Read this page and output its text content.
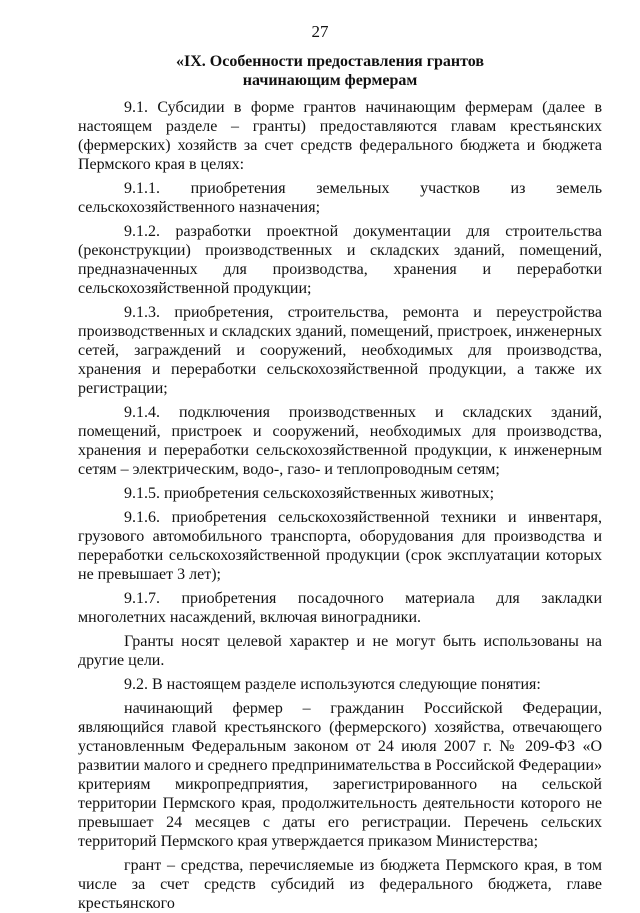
27
«IX. Особенности предоставления грантов
начинающим фермерам

9.1. Субсидии в форме грантов начинающим фермерам (далее в настоящем разделе – гранты) предоставляются главам крестьянских (фермерских) хозяйств за счет средств федерального бюджета и бюджета Пермского края в целях:

9.1.1. приобретения земельных участков из земель сельскохозяйственного назначения;

9.1.2. разработки проектной документации для строительства (реконструкции) производственных и складских зданий, помещений, предназначенных для производства, хранения и переработки сельскохозяйственной продукции;

9.1.3. приобретения, строительства, ремонта и переустройства производственных и складских зданий, помещений, пристроек, инженерных сетей, заграждений и сооружений, необходимых для производства, хранения и переработки сельскохозяйственной продукции, а также их регистрации;

9.1.4. подключения производственных и складских зданий, помещений, пристроек и сооружений, необходимых для производства, хранения и переработки сельскохозяйственной продукции, к инженерным сетям – электрическим, водо-, газо- и теплопроводным сетям;

9.1.5. приобретения сельскохозяйственных животных;

9.1.6. приобретения сельскохозяйственной техники и инвентаря, грузового автомобильного транспорта, оборудования для производства и переработки сельскохозяйственной продукции (срок эксплуатации которых не превышает 3 лет);

9.1.7. приобретения посадочного материала для закладки многолетних насаждений, включая виноградники.

Гранты носят целевой характер и не могут быть использованы на другие цели.

9.2. В настоящем разделе используются следующие понятия:

начинающий фермер – гражданин Российской Федерации, являющийся главой крестьянского (фермерского) хозяйства, отвечающего установленным Федеральным законом от 24 июля 2007 г. № 209-ФЗ «О развитии малого и среднего предпринимательства в Российской Федерации» критериям микропредприятия, зарегистрированного на сельской территории Пермского края, продолжительность деятельности которого не превышает 24 месяцев с даты его регистрации. Перечень сельских территорий Пермского края утверждается приказом Министерства;

грант – средства, перечисляемые из бюджета Пермского края, в том числе за счет средств субсидий из федерального бюджета, главе крестьянского
